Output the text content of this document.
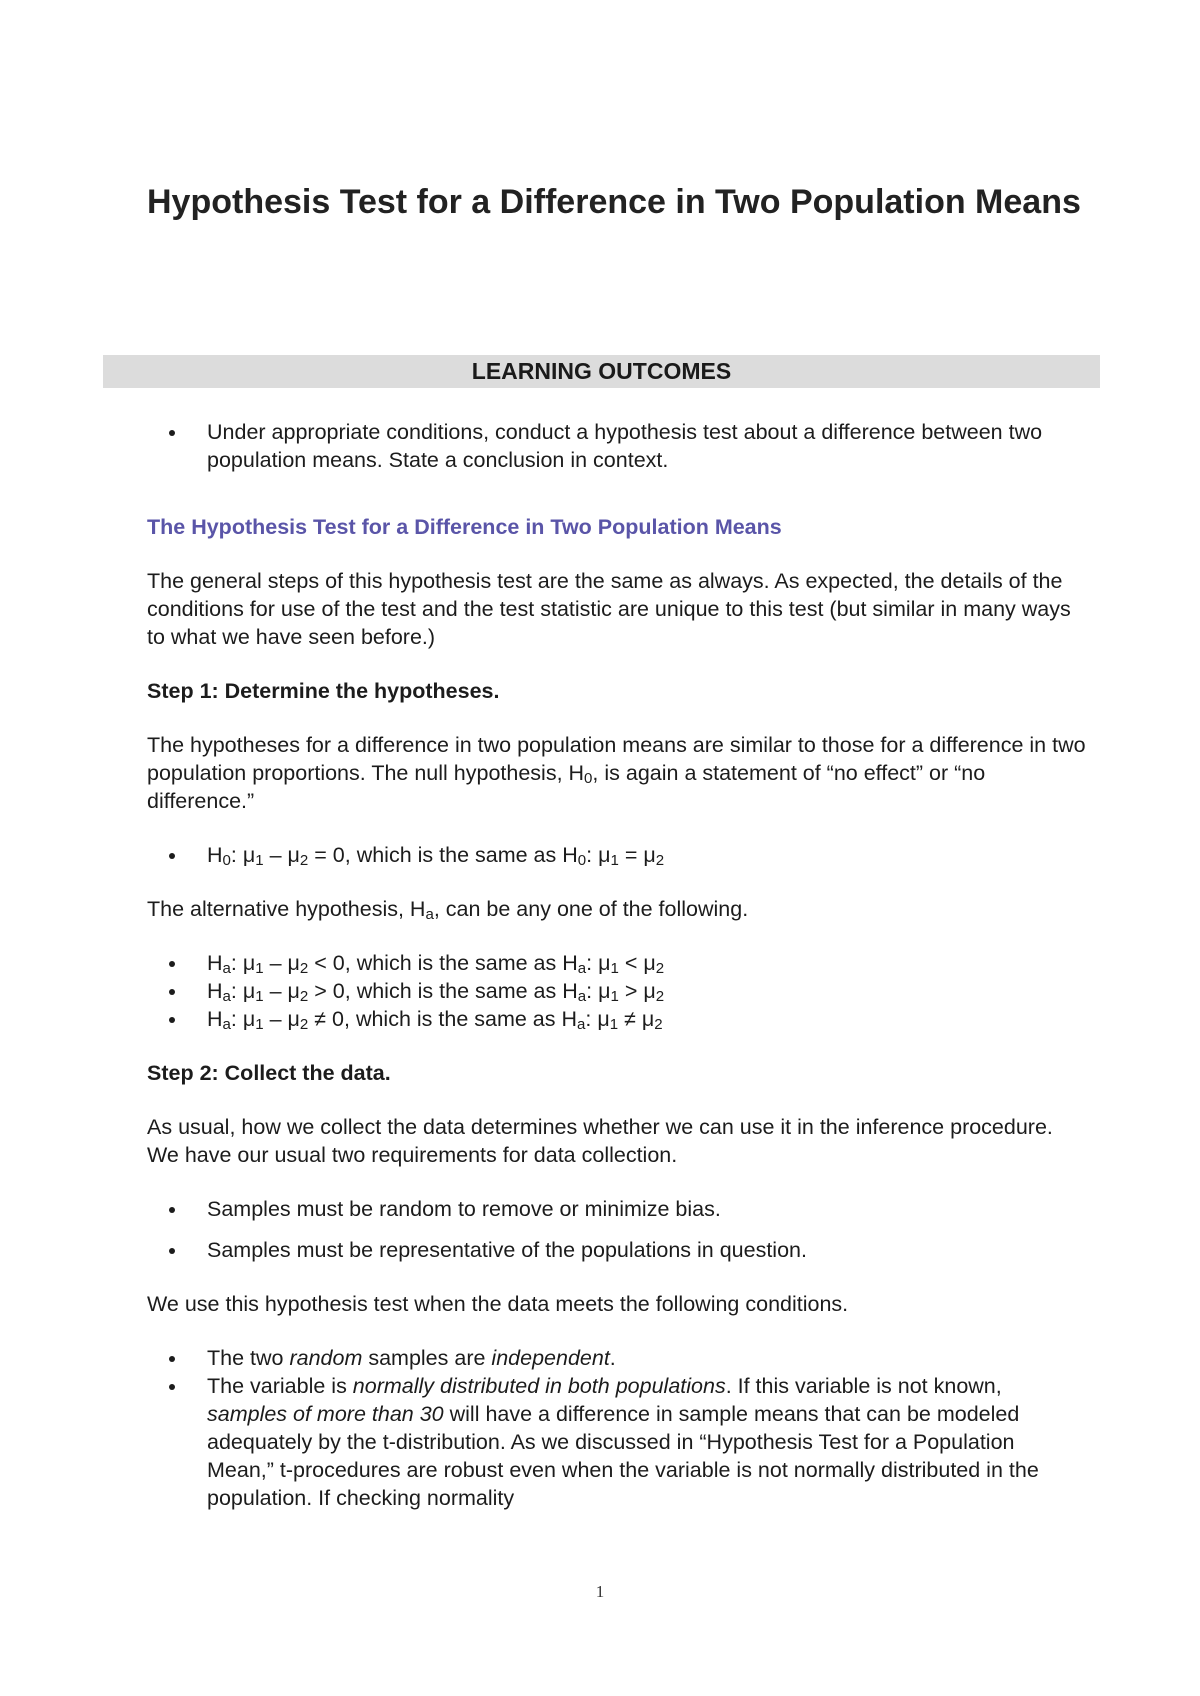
Hypothesis Test for a Difference in Two Population Means
LEARNING OUTCOMES
Under appropriate conditions, conduct a hypothesis test about a difference between two population means. State a conclusion in context.

The Hypothesis Test for a Difference in Two Population Means

The general steps of this hypothesis test are the same as always. As expected, the details of the conditions for use of the test and the test statistic are unique to this test (but similar in many ways to what we have seen before.)

Step 1: Determine the hypotheses.

The hypotheses for a difference in two population means are similar to those for a difference in two population proportions. The null hypothesis, H0, is again a statement of “no effect” or “no difference.”

H0: μ1 – μ2 = 0, which is the same as H0: μ1 = μ2

The alternative hypothesis, Ha, can be any one of the following.

Ha: μ1 – μ2 < 0, which is the same as Ha: μ1 < μ2
Ha: μ1 – μ2 > 0, which is the same as Ha: μ1 > μ2
Ha: μ1 – μ2 ≠ 0, which is the same as Ha: μ1 ≠ μ2

Step 2: Collect the data.

As usual, how we collect the data determines whether we can use it in the inference procedure. We have our usual two requirements for data collection.

Samples must be random to remove or minimize bias.
Samples must be representative of the populations in question.

We use this hypothesis test when the data meets the following conditions.

The two random samples are independent.
The variable is normally distributed in both populations. If this variable is not known, samples of more than 30 will have a difference in sample means that can be modeled adequately by the t-distribution. As we discussed in “Hypothesis Test for a Population Mean,” t-procedures are robust even when the variable is not normally distributed in the population. If checking normality
1
